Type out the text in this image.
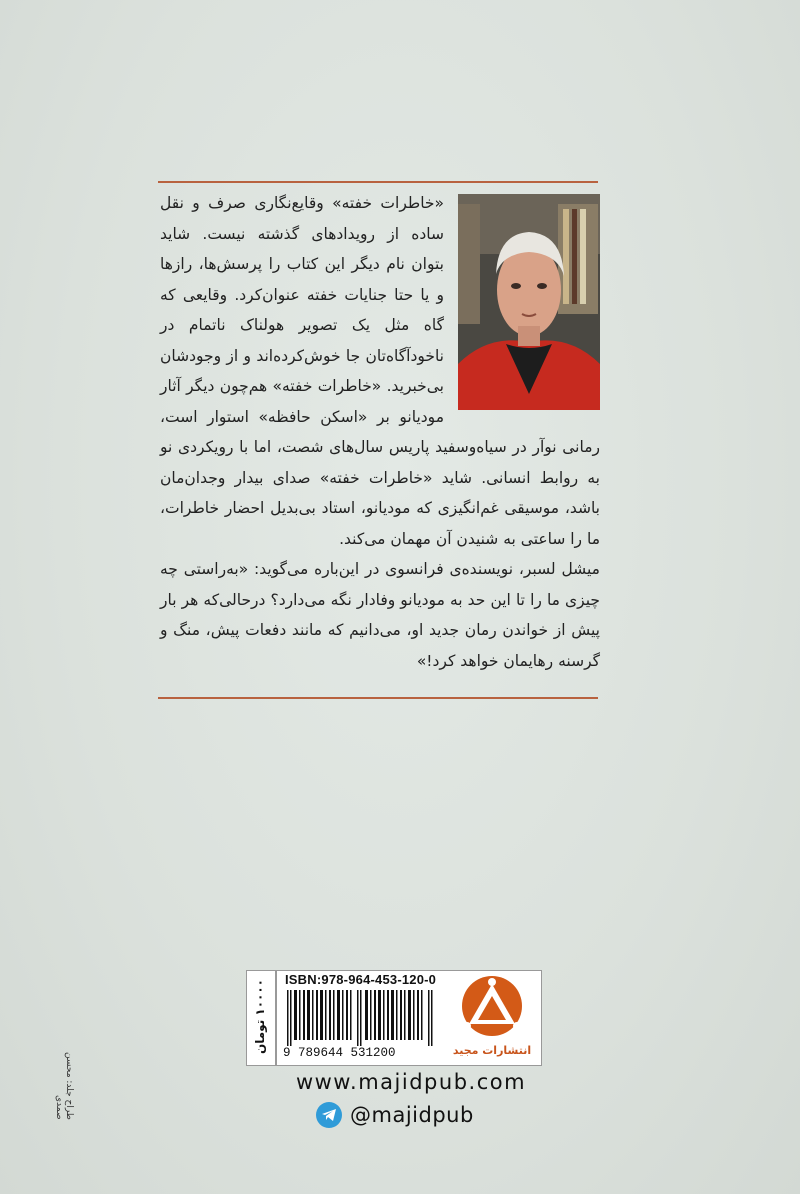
«خاطرات خفته» وقایع‌نگاری صرف و نقل ساده از رویدادهای گذشته نیست. شاید بتوان نام دیگر این کتاب را پرسش‌ها، رازها و یا حتا جنایات خفته عنوان‌کرد. وقایعی که گاه مثل یک تصویر هولناک ناتمام در ناخودآگاه‌تان جا خوش‌کرده‌اند و از وجودشان بی‌خبرید. «خاطرات خفته» هم‌چون دیگر آثار مودیانو بر «اسکن حافظه» استوار است، رمانی نوآر در سیاه‌وسفید پاریس سال‌های شصت، اما با رویکردی نو به روابط انسانی. شاید «خاطرات خفته» صدای بیدار وجدان‌مان باشد، موسیقی غم‌انگیزی که مودیانو، استاد بی‌بدیل احضار خاطرات، ما را ساعتی به شنیدن آن مهمان می‌کند.

میشل لسبر، نویسنده‌ی فرانسوی در این‌باره می‌گوید: «به‌راستی چه چیزی ما را تا این حد به مودیانو وفادار نگه می‌دارد؟ درحالی‌که هر بار پیش از خواندن رمان جدید او، می‌دانیم که مانند دفعات پیش، منگ و گرسنه رهایمان خواهد کرد!»

۱۰۰۰۰ تومان	ISBN:978-964-453-120-0
9 789644 531200	انتشارات مجید
www.majidpub.com
@majidpub
طراح جلد: محسن صمدی
